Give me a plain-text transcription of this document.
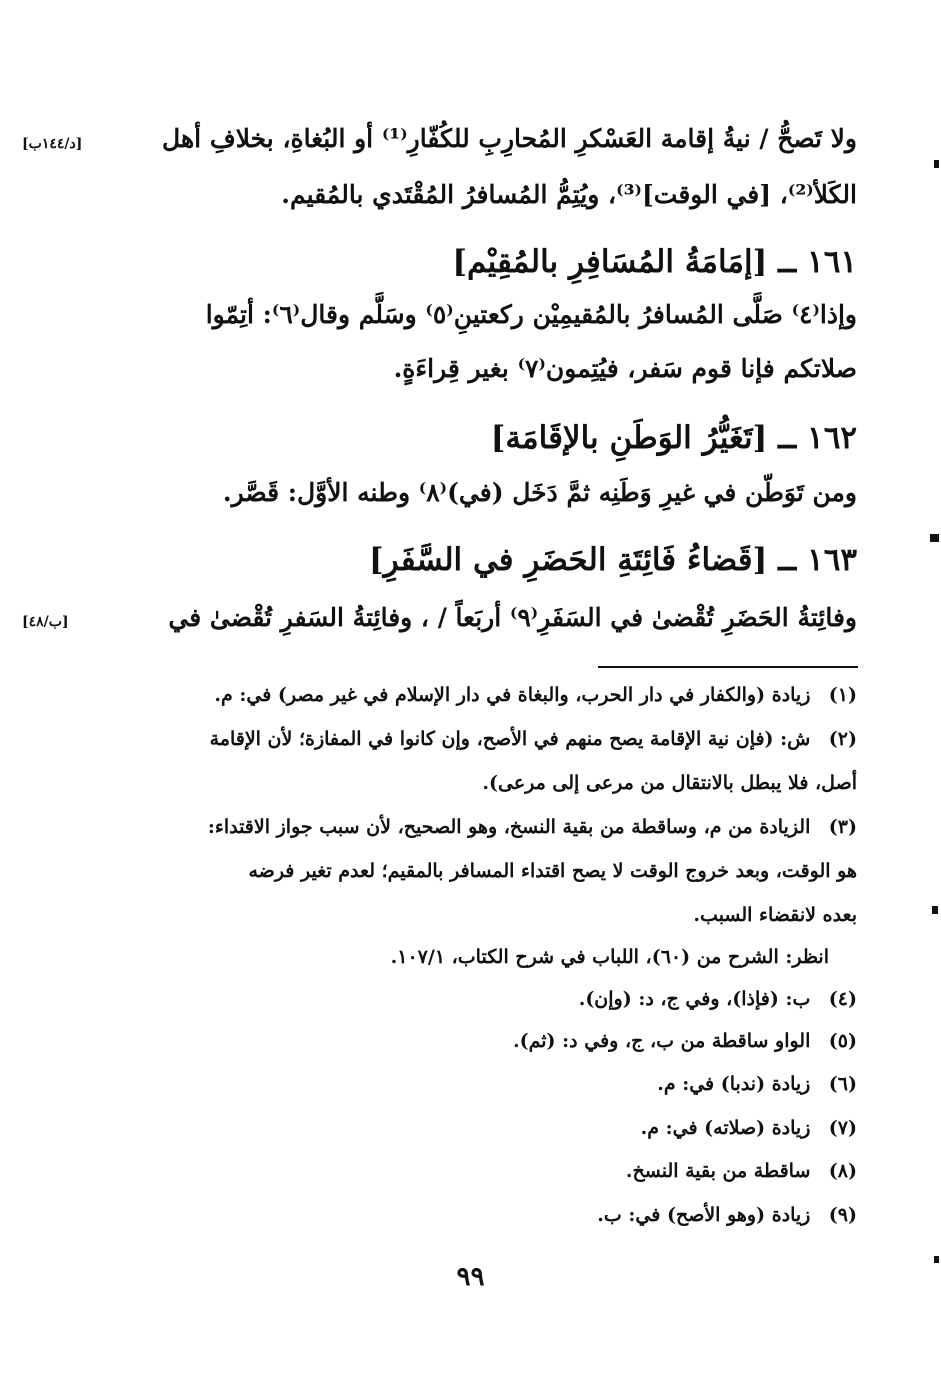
ولا تَصحُّ / نيةُ إقامة العَسْكرِ المُحارِبِ للكُفّارِ⁽¹⁾ أو البُغاةِ، بخلافِ أهل
[د/١٤٤ب]
الكَلأ⁽²⁾، [في الوقت]⁽³⁾، ويُتِمُّ المُسافرُ المُقْتَدي بالمُقيم.
١٦١ ــ [إمَامَةُ المُسَافِرِ بالمُقِيْم]
وإذا⁽٤⁾ صَلَّى المُسافرُ بالمُقيمِيْن ركعتينِ⁽٥⁾ وسَلَّم وقال⁽٦⁾: أتِمّوا
صلاتكم فإنا قوم سَفر، فيُتِمون⁽٧⁾ بغير قِراءَةٍ.
١٦٢ ــ [تَغَيُّرُ الوَطَنِ بالإقَامَة]
ومن تَوَطّن في غيرِ وَطَنِه ثمَّ دَخَل (في)⁽٨⁾ وطنه الأوَّل: قَصَّر.
١٦٣ ــ [قَضاءُ فَائِتَةِ الحَضَرِ في السَّفَرِ]
وفائِتةُ الحَضَرِ تُقْضىٰ في السَفَرِ⁽٩⁾ أربَعاً / ، وفائِتةُ السَفرِ تُقْضىٰ في
[ب/٤٨]
(١) زيادة (والكفار في دار الحرب، والبغاة في دار الإسلام في غير مصر) في: م.
(٢) ش: (فإن نية الإقامة يصح منهم في الأصح، وإن كانوا في المفازة؛ لأن الإقامة
أصل، فلا يبطل بالانتقال من مرعى إلى مرعى).
(٣) الزيادة من م، وساقطة من بقية النسخ، وهو الصحيح، لأن سبب جواز الاقتداء:
هو الوقت، وبعد خروج الوقت لا يصح اقتداء المسافر بالمقيم؛ لعدم تغير فرضه
بعده لانقضاء السبب.
انظر: الشرح من (٦٠)، اللباب في شرح الكتاب، ١٠٧/١.
(٤) ب: (فإذا)، وفي ج، د: (وإن).
(٥) الواو ساقطة من ب، ج، وفي د: (ثم).
(٦) زيادة (ندبا) في: م.
(٧) زيادة (صلاته) في: م.
(٨) ساقطة من بقية النسخ.
(٩) زيادة (وهو الأصح) في: ب.
٩٩
